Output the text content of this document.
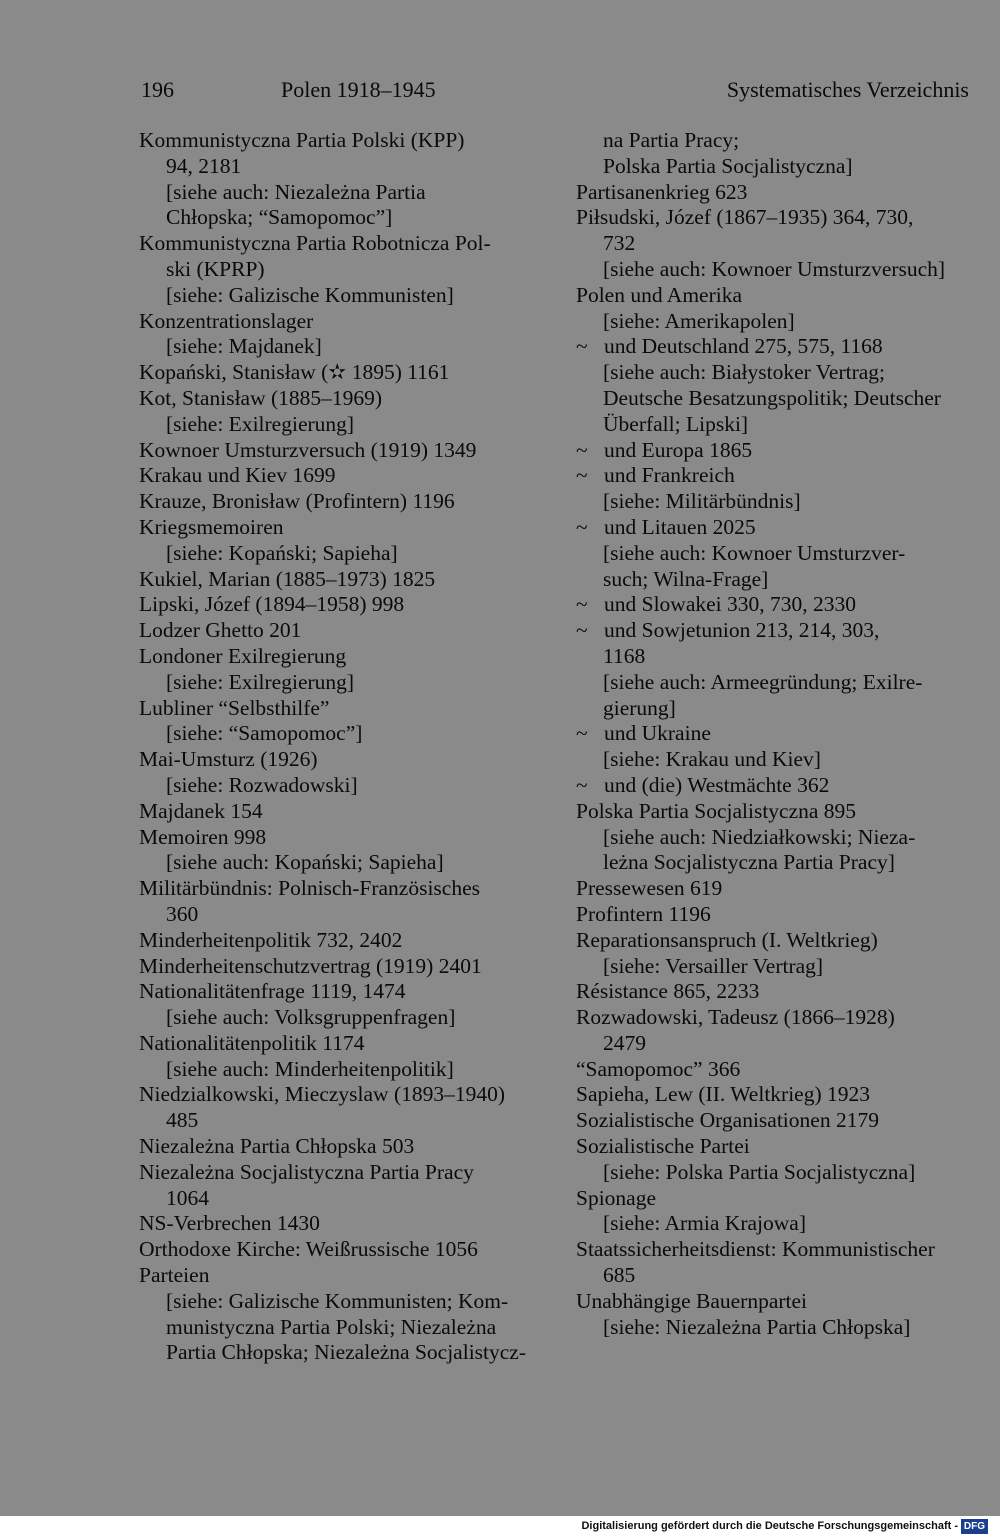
196	Polen 1918–1945	Systematisches Verzeichnis
Kommunistyczna Partia Polski (KPP)
94, 2181
[siehe auch: Niezależna Partia
Chłopska; “Samopomoc”]
Kommunistyczna Partia Robotnicza Pol-
ski (KPRP)
[siehe: Galizische Kommunisten]
Konzentrationslager
[siehe: Majdanek]
Kopański, Stanisław (✫ 1895) 1161
Kot, Stanisław (1885–1969)
[siehe: Exilregierung]
Kownoer Umsturzversuch (1919) 1349
Krakau und Kiev 1699
Krauze, Bronisław (Profintern) 1196
Kriegsmemoiren
[siehe: Kopański; Sapieha]
Kukiel, Marian (1885–1973) 1825
Lipski, Józef (1894–1958) 998
Lodzer Ghetto 201
Londoner Exilregierung
[siehe: Exilregierung]
Lubliner “Selbsthilfe”
[siehe: “Samopomoc”]
Mai-Umsturz (1926)
[siehe: Rozwadowski]
Majdanek 154
Memoiren 998
[siehe auch: Kopański; Sapieha]
Militärbündnis: Polnisch-Französisches
360
Minderheitenpolitik 732, 2402
Minderheitenschutzvertrag (1919) 2401
Nationalitätenfrage 1119, 1474
[siehe auch: Volksgruppenfragen]
Nationalitätenpolitik 1174
[siehe auch: Minderheitenpolitik]
Niedzialkowski, Mieczyslaw (1893–1940)
485
Niezależna Partia Chłopska 503
Niezależna Socjalistyczna Partia Pracy
1064
NS-Verbrechen 1430
Orthodoxe Kirche: Weißrussische 1056
Parteien
[siehe: Galizische Kommunisten; Kom-
munistyczna Partia Polski; Niezależna
Partia Chłopska; Niezależna Socjalistycz-
na Partia Pracy;
Polska Partia Socjalistyczna]
Partisanenkrieg 623
Piłsudski, Józef (1867–1935) 364, 730,
732
[siehe auch: Kownoer Umsturzversuch]
Polen und Amerika
[siehe: Amerikapolen]
~ und Deutschland 275, 575, 1168
[siehe auch: Białystoker Vertrag;
Deutsche Besatzungspolitik; Deutscher
Überfall; Lipski]
~ und Europa 1865
~ und Frankreich
[siehe: Militärbündnis]
~ und Litauen 2025
[siehe auch: Kownoer Umsturzver-
such; Wilna-Frage]
~ und Slowakei 330, 730, 2330
~ und Sowjetunion 213, 214, 303,
1168
[siehe auch: Armeegründung; Exilre-
gierung]
~ und Ukraine
[siehe: Krakau und Kiev]
~ und (die) Westmächte 362
Polska Partia Socjalistyczna 895
[siehe auch: Niedziałkowski; Nieza-
leżna Socjalistyczna Partia Pracy]
Pressewesen 619
Profintern 1196
Reparationsanspruch (I. Weltkrieg)
[siehe: Versailler Vertrag]
Résistance 865, 2233
Rozwadowski, Tadeusz (1866–1928)
2479
“Samopomoc” 366
Sapieha, Lew (II. Weltkrieg) 1923
Sozialistische Organisationen 2179
Sozialistische Partei
[siehe: Polska Partia Socjalistyczna]
Spionage
[siehe: Armia Krajowa]
Staatssicherheitsdienst: Kommunistischer
685
Unabhängige Bauernpartei
[siehe: Niezależna Partia Chłopska]
Digitalisierung gefördert durch die Deutsche Forschungsgemeinschaft - DFG
